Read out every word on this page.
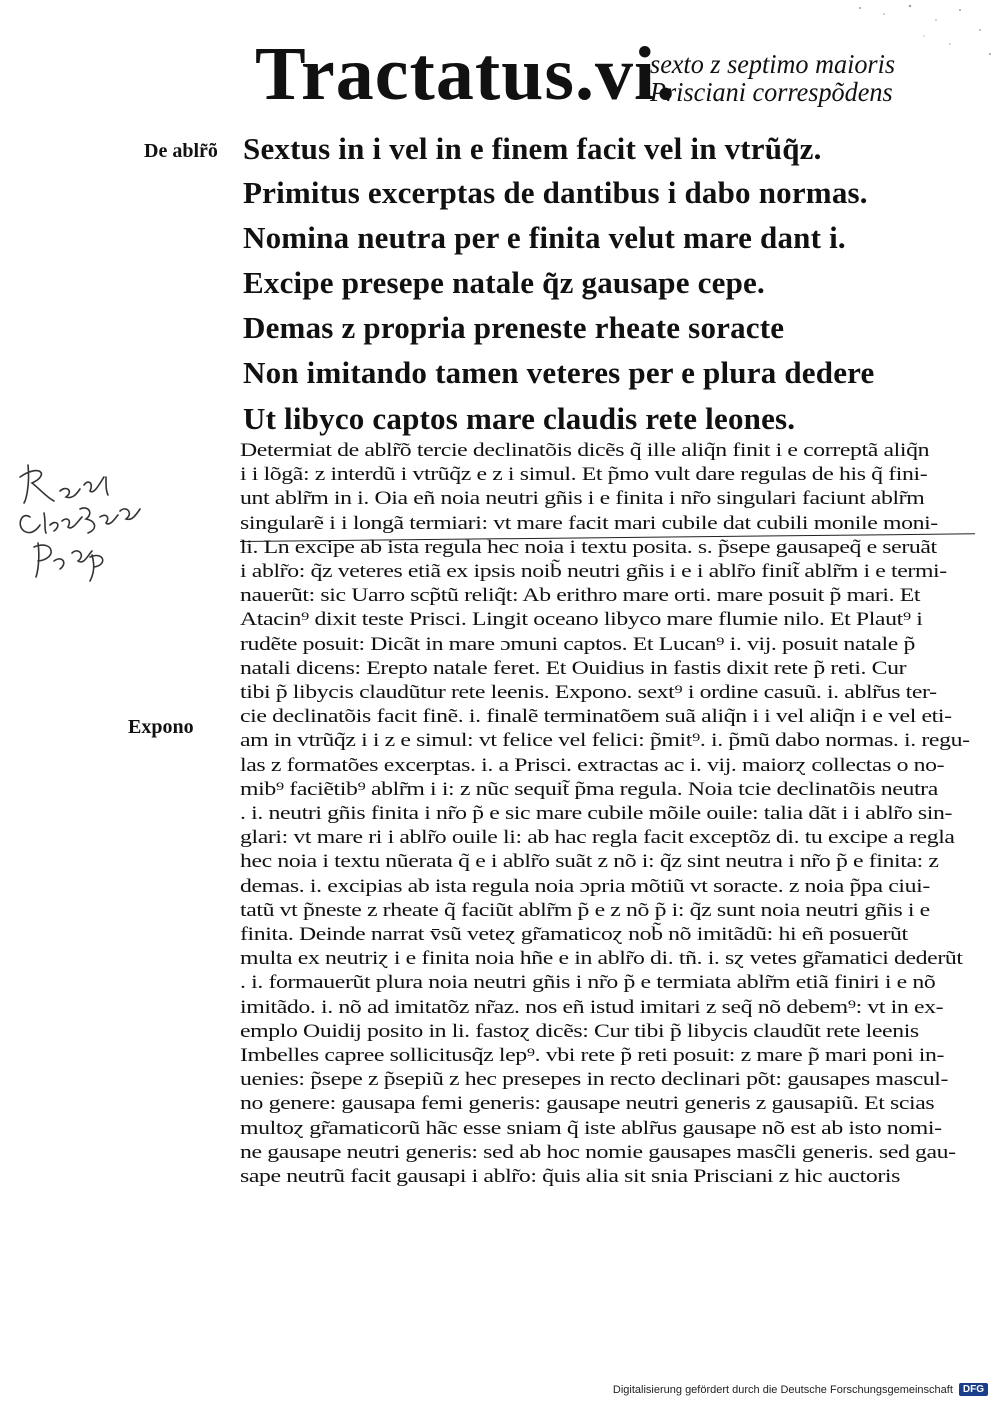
Tractatus.vi.
sexto z septimo maioris
Prisciani correspõdens
De ablr̃õ
Expono
Sextus in i vel in e finem facit vel in vtrũq̃z.
Primitus excerptas de dantibus i dabo normas.
Nomina neutra per e finita velut mare dant i.
Excipe presepe natale q̃z gausape cepe.
Demas z propria preneste rheate soracte
Non imitando tamen veteres per e plura dedere
Ut libyco captos mare claudis rete leones.
Determiat de ablr̃õ tercie declinatõis dicẽs q̃ ille aliq̃n finit i e correptã aliq̃n
i i lõgã: z interdũ i vtrũq̃z e z i simul. Et p̃mo vult dare regulas de his q̃ fini-
unt ablr̃m in i. Oia eñ noia neutri gñis i e finita i nr̃o singulari faciunt ablr̃m
singularẽ i i longã termiari: vt mare facit mari cubile dat cubili monile moni-
li. Ln excipe ab ista regula hec noia i textu posita. s. p̃sepe gausapeq̃ e seruãt
i ablr̃o: q̃z veteres etiã ex ipsis noib̃ neutri gñis i e i ablr̃o finit̃ ablr̃m i e termi-
nauerũt: sic Uarro scp̃tũ reliq̃t: Ab erithro mare orti. mare posuit p̃ mari. Et
Atacin⁹ dixit teste Prisci. Lingit oceano libyco mare flumie nilo. Et Plaut⁹ i
rudẽte posuit: Dicãt in mare ɔmuni captos. Et Lucan⁹ i. vij. posuit natale p̃
natali dicens: Erepto natale feret. Et Ouidius in fastis dixit rete p̃ reti. Cur
tibi p̃ libycis claudũtur rete leenis. Expono. sext⁹ i ordine casuũ. i. ablr̃us ter-
cie declinatõis facit finẽ. i. finalẽ terminatõem suã aliq̃n i i vel aliq̃n i e vel eti-
am in vtrũq̃z i i z e simul: vt felice vel felici: p̃mit⁹. i. p̃mũ dabo normas. i. regu-
las z formatões excerptas. i. a Prisci. extractas ac i. vij. maiorɀ collectas o no-
mib⁹ faciẽtib⁹ ablr̃m i i: z nũc sequit̃ p̃ma regula. Noia tcie declinatõis neutra
. i. neutri gñis finita i nr̃o p̃ e sic mare cubile mõile ouile: talia dãt i i ablr̃o sin-
glari: vt mare ri i ablr̃o ouile li: ab hac regla facit exceptõz di. tu excipe a regla
hec noia i textu nũerata q̃ e i ablr̃o suãt z nõ i: q̃z sint neutra i nr̃o p̃ e finita: z
demas. i. excipias ab ista regula noia ɔpria mõtiũ vt soracte. z noia p̃pa ciui-
tatũ vt p̃neste z rheate q̃ faciũt ablr̃m p̃ e z nõ p̃ i: q̃z sunt noia neutri gñis i e
finita. Deinde narrat v̄sũ veteɀ gr̃amaticoɀ nob̃ nõ imitãdũ: hi eñ posuerũt
multa ex neutriɀ i e finita noia hñe e in ablr̃o di. tñ. i. sɀ vetes gr̃amatici dederũt
. i. formauerũt plura noia neutri gñis i nr̃o p̃ e termiata ablr̃m etiã finiri i e nõ
imitãdo. i. nõ ad imitatõz nr̃az. nos eñ istud imitari z seq̃ nõ debem⁹: vt in ex-
emplo Ouidij posito in li. fastoɀ dicẽs: Cur tibi p̃ libycis claudũt rete leenis
Imbelles capree sollicitusq̃z lep⁹. vbi rete p̃ reti posuit: z mare p̃ mari poni in-
uenies: p̃sepe z p̃sepiũ z hec presepes in recto declinari põt: gausapes mascul-
no genere: gausapa femi generis: gausape neutri generis z gausapiũ. Et scias
multoɀ gr̃amaticorũ hãc esse sniam q̃ iste ablr̃us gausape nõ est ab isto nomi-
ne gausape neutri generis: sed ab hoc nomie gausapes masc̃li generis. sed gau-
sape neutrũ facit gausapi i ablr̃o: q̃uis alia sit snia Prisciani z hic auctoris
Digitalisierung gefördert durch die Deutsche Forschungsgemeinschaft	DFG
